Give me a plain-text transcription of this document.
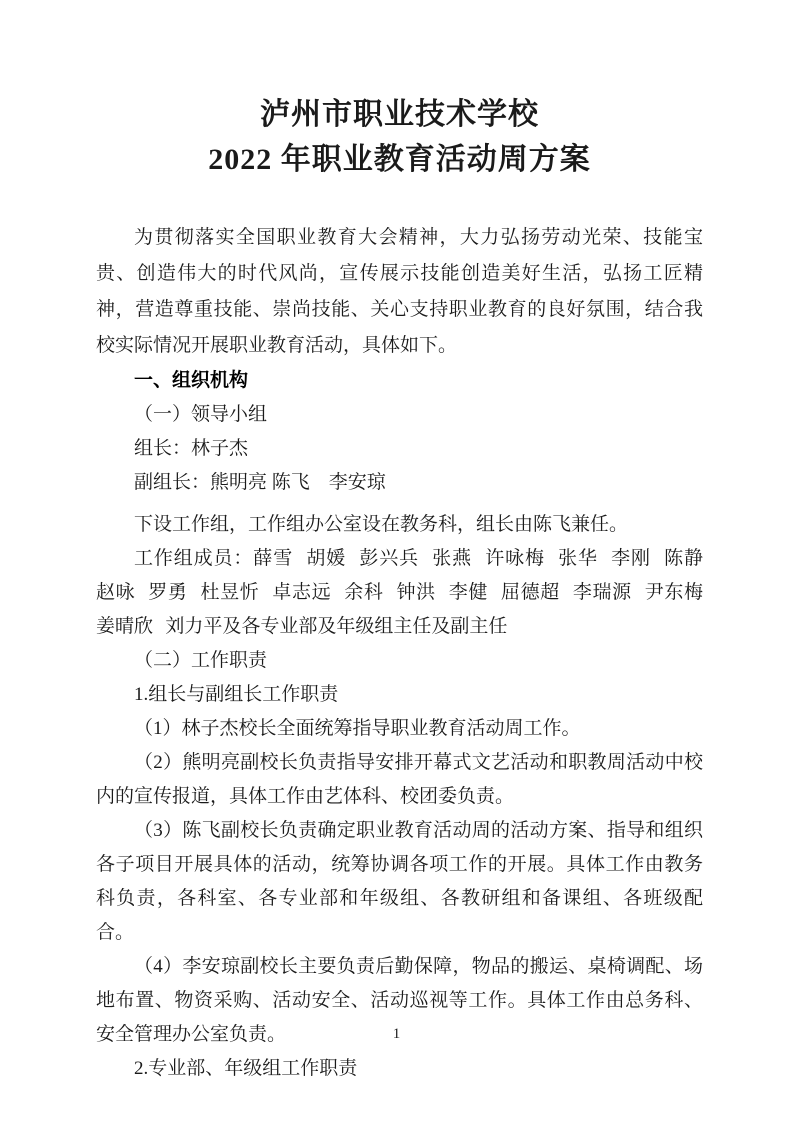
泸州市职业技术学校
2022 年职业教育活动周方案

为贯彻落实全国职业教育大会精神，大力弘扬劳动光荣、技能宝贵、创造伟大的时代风尚，宣传展示技能创造美好生活，弘扬工匠精神，营造尊重技能、崇尚技能、关心支持职业教育的良好氛围，结合我校实际情况开展职业教育活动，具体如下。

一、组织机构

（一）领导小组

组长：林子杰

副组长：熊明亮 陈飞　李安琼

下设工作组，工作组办公室设在教务科，组长由陈飞兼任。

工作组成员：薛雪 胡媛 彭兴兵 张燕 许咏梅 张华 李刚 陈静 赵咏 罗勇 杜昱忻 卓志远 余科 钟洪 李健 屈德超 李瑞源 尹东梅 姜晴欣 刘力平及各专业部及年级组主任及副主任

（二）工作职责

1.组长与副组长工作职责

（1）林子杰校长全面统筹指导职业教育活动周工作。

（2）熊明亮副校长负责指导安排开幕式文艺活动和职教周活动中校内的宣传报道，具体工作由艺体科、校团委负责。

（3）陈飞副校长负责确定职业教育活动周的活动方案、指导和组织各子项目开展具体的活动，统筹协调各项工作的开展。具体工作由教务科负责，各科室、各专业部和年级组、各教研组和备课组、各班级配合。

（4）李安琼副校长主要负责后勤保障，物品的搬运、桌椅调配、场地布置、物资采购、活动安全、活动巡视等工作。具体工作由总务科、安全管理办公室负责。

2.专业部、年级组工作职责

1
